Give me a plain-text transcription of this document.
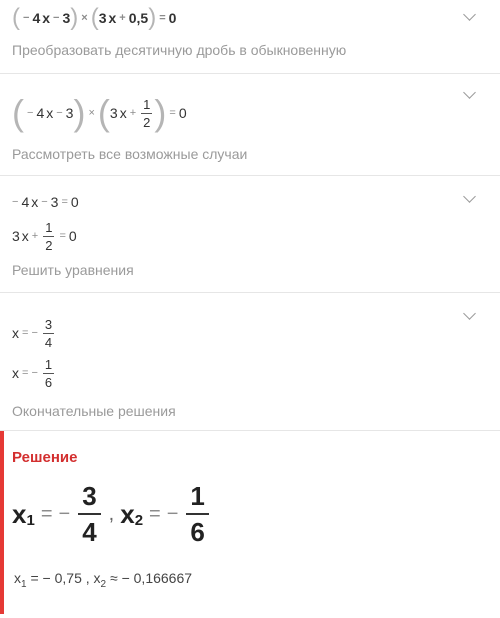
( − 4 x − 3 ) × ( 3 x + 0,5 ) = 0
Преобразовать десятичную дробь в обыкновенную
( − 4 x − 3 ) × ( 3 $x + \frac{1}{2}$ ) = 0
Рассмотреть все возможные случаи
− 4 x − 3 = 0
3 $x + \frac{1}{2} = 0$
Решить уравнения
x = − $\frac{3}{4}$
x = − $\frac{1}{6}$
Окончательные решения
Решение
$x_1$ = − $\frac{3}{4}$ , $x_2$ = − $\frac{1}{6}$
$x_1$ = − 0,75 , $x_2$ ≈ − 0,166667
